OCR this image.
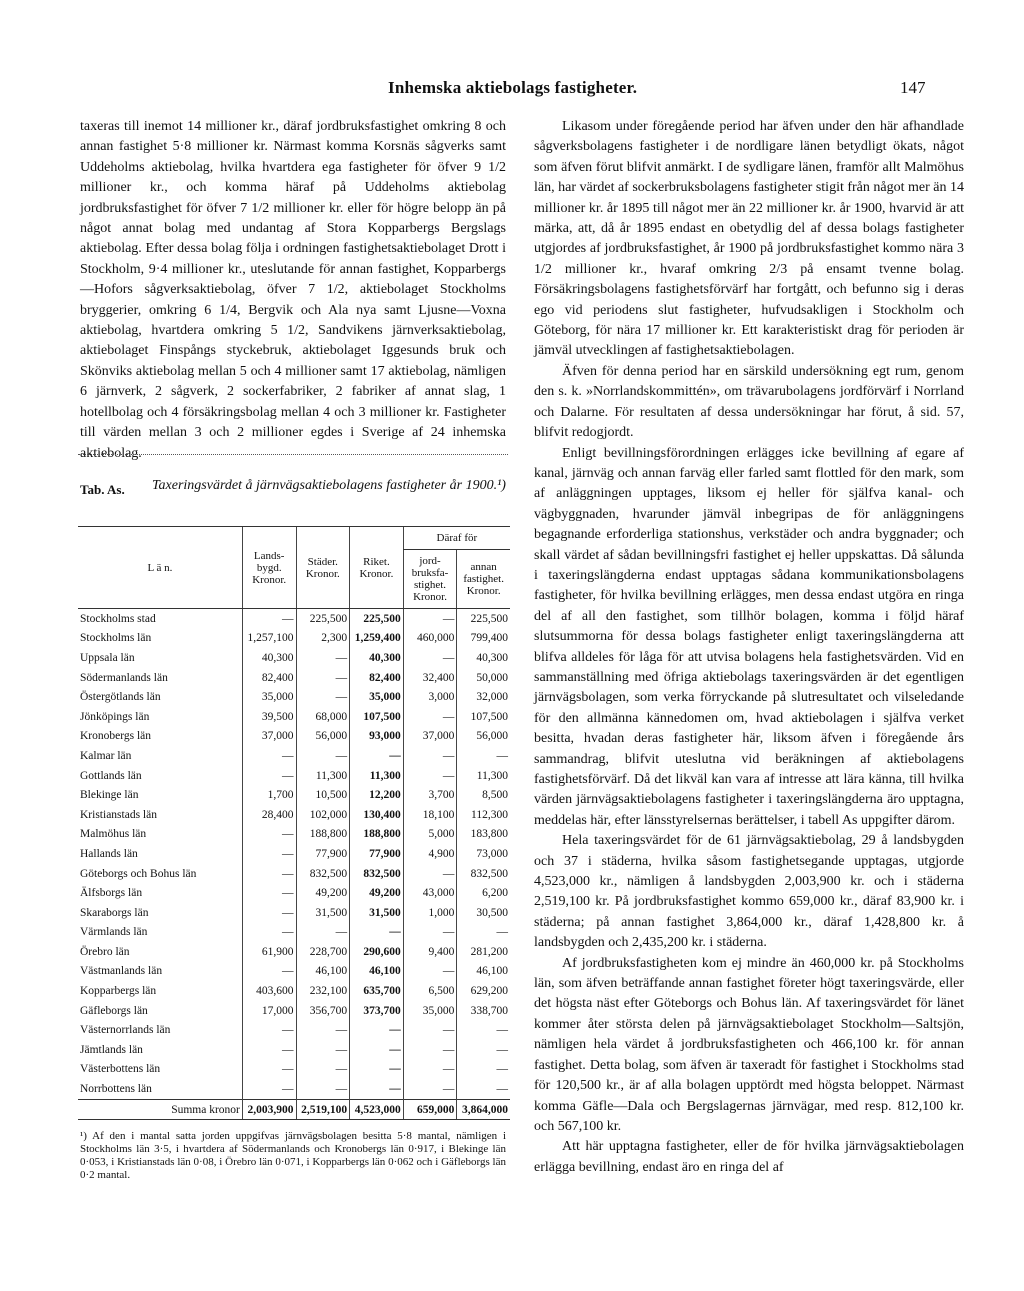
Inhemska aktiebolags fastigheter.	147

taxeras till inemot 14 millioner kr., däraf jordbruksfastighet omkring 8 och annan fastighet 5·8 millioner kr. Närmast komma Korsnäs sågverks samt Uddeholms aktiebolag, hvilka hvartdera ega fastigheter för öfver 9 1/2 millioner kr., och komma häraf på Uddeholms aktiebolag jordbruksfastighet för öfver 7 1/2 millioner kr. eller för högre belopp än på något annat bolag med undantag af Stora Kopparbergs Bergslags aktiebolag. Efter dessa bolag följa i ordningen fastighetsaktiebolaget Drott i Stockholm, 9·4 millioner kr., uteslutande för annan fastighet, Kopparbergs—Hofors sågverksaktiebolag, öfver 7 1/2, aktiebolaget Stockholms bryggerier, omkring 6 1/4, Bergvik och Ala nya samt Ljusne—Voxna aktiebolag, hvartdera omkring 5 1/2, Sandvikens järnverksaktiebolag, aktiebolaget Finspångs styckebruk, aktiebolaget Iggesunds bruk och Skönviks aktiebolag mellan 5 och 4 millioner samt 17 aktiebolag, nämligen 6 järnverk, 2 sågverk, 2 sockerfabriker, 2 fabriker af annat slag, 1 hotellbolag och 4 försäkringsbolag mellan 4 och 3 millioner kr. Fastigheter till värden mellan 3 och 2 millioner egdes i Sverige af 24 inhemska aktiebolag.

Tab. As. Taxeringsvärdet å järnvägsaktiebolagens fastigheter år 1900.¹)
L ä n.	Lands-bygd. Kronor.	Städer. Kronor.	Riket. Kronor.	Däraf för	
				jord-bruksfa-stighet. Kronor.	annan fastighet. Kronor.
Stockholms stad	—	225,500	225,500	—	225,500
Stockholms län	1,257,100	2,300	1,259,400	460,000	799,400
Uppsala län	40,300	—	40,300	—	40,300
Södermanlands län	82,400	—	82,400	32,400	50,000
Östergötlands län	35,000	—	35,000	3,000	32,000
Jönköpings län	39,500	68,000	107,500	—	107,500
Kronobergs län	37,000	56,000	93,000	37,000	56,000
Kalmar län	—	—	—	—	—
Gottlands län	—	11,300	11,300	—	11,300
Blekinge län	1,700	10,500	12,200	3,700	8,500
Kristianstads län	28,400	102,000	130,400	18,100	112,300
Malmöhus län	—	188,800	188,800	5,000	183,800
Hallands län	—	77,900	77,900	4,900	73,000
Göteborgs och Bohus län	—	832,500	832,500	—	832,500
Älfsborgs län	—	49,200	49,200	43,000	6,200
Skaraborgs län	—	31,500	31,500	1,000	30,500
Värmlands län	—	—	—	—	—
Örebro län	61,900	228,700	290,600	9,400	281,200
Västmanlands län	—	46,100	46,100	—	46,100
Kopparbergs län	403,600	232,100	635,700	6,500	629,200
Gäfleborgs län	17,000	356,700	373,700	35,000	338,700
Västernorrlands län	—	—	—	—	—
Jämtlands län	—	—	—	—	—
Västerbottens län	—	—	—	—	—
Norrbottens län	—	—	—	—	—
Summa kronor	2,003,900	2,519,100	4,523,000	659,000	3,864,000
¹) Af den i mantal satta jorden uppgifvas järnvägsbolagen besitta 5·8 mantal, nämligen i Stockholms län 3·5, i hvartdera af Södermanlands och Kronobergs län 0·917, i Blekinge län 0·053, i Kristianstads län 0·08, i Örebro län 0·071, i Kopparbergs län 0·062 och i Gäfleborgs län 0·2 mantal.

Likasom under föregående period har äfven under den här afhandlade sågverksbolagens fastigheter i de nordligare länen betydligt ökats, något som äfven förut blifvit anmärkt. I de sydligare länen, framför allt Malmöhus län, har värdet af sockerbruksbolagens fastigheter stigit från något mer än 14 millioner kr. år 1895 till något mer än 22 millioner kr. år 1900, hvarvid är att märka, att, då år 1895 endast en obetydlig del af dessa bolags fastigheter utgjordes af jordbruksfastighet, år 1900 på jordbruksfastighet kommo nära 3 1/2 millioner kr., hvaraf omkring 2/3 på ensamt tvenne bolag. Försäkringsbolagens fastighetsförvärf har fortgått, och befunno sig i deras ego vid periodens slut fastigheter, hufvudsakligen i Stockholm och Göteborg, för nära 17 millioner kr. Ett karakteristiskt drag för perioden är jämväl utvecklingen af fastighetsaktiebolagen.

Äfven för denna period har en särskild undersökning egt rum, genom den s. k. »Norrlandskommittén», om trävarubolagens jordförvärf i Norrland och Dalarne. För resultaten af dessa undersökningar har förut, å sid. 57, blifvit redogjordt.

Enligt bevillningsförordningen erlägges icke bevillning af egare af kanal, järnväg och annan farväg eller farled samt flottled för den mark, som af anläggningen upptages, liksom ej heller för själfva kanal- och vägbyggnaden, hvarunder jämväl inbegripas de för anläggningens begagnande erforderliga stationshus, verkstäder och andra byggnader; och skall värdet af sådan bevillningsfri fastighet ej heller uppskattas. Då sålunda i taxeringslängderna endast upptagas sådana kommunikationsbolagens fastigheter, för hvilka bevillning erlägges, men dessa endast utgöra en ringa del af all den fastighet, som tillhör bolagen, komma i följd häraf slutsummorna för dessa bolags fastigheter enligt taxeringslängderna att blifva alldeles för låga för att utvisa bolagens hela fastighetsvärden. Vid en sammanställning med öfriga aktiebolags taxeringsvärden är det egentligen järnvägsbolagen, som verka förryckande på slutresultatet och vilseledande för den allmänna kännedomen om, hvad aktiebolagen i själfva verket besitta, hvadan deras fastigheter här, liksom äfven i föregående års sammandrag, blifvit uteslutna vid beräkningen af aktiebolagens fastighetsförvärf. Då det likväl kan vara af intresse att lära känna, till hvilka värden järnvägsaktiebolagens fastigheter i taxeringslängderna äro upptagna, meddelas här, efter länsstyrelsernas berättelser, i tabell As uppgifter därom.

Hela taxeringsvärdet för de 61 järnvägsaktiebolag, 29 å landsbygden och 37 i städerna, hvilka såsom fastighetsegande upptagas, utgjorde 4,523,000 kr., nämligen å landsbygden 2,003,900 kr. och i städerna 2,519,100 kr. På jordbruksfastighet kommo 659,000 kr., däraf 83,900 kr. i städerna; på annan fastighet 3,864,000 kr., däraf 1,428,800 kr. å landsbygden och 2,435,200 kr. i städerna.

Af jordbruksfastigheten kom ej mindre än 460,000 kr. på Stockholms län, som äfven beträffande annan fastighet företer högt taxeringsvärde, eller det högsta näst efter Göteborgs och Bohus län. Af taxeringsvärdet för länet kommer åter största delen på järnvägsaktiebolaget Stockholm—Saltsjön, nämligen hela värdet å jordbruksfastigheten och 466,100 kr. för annan fastighet. Detta bolag, som äfven är taxeradt för fastighet i Stockholms stad för 120,500 kr., är af alla bolagen upptördt med högsta beloppet. Närmast komma Gäfle—Dala och Bergslagernas järnvägar, med resp. 812,100 kr. och 567,100 kr.

Att här upptagna fastigheter, eller de för hvilka järnvägsaktiebolagen erlägga bevillning, endast äro en ringa del af
